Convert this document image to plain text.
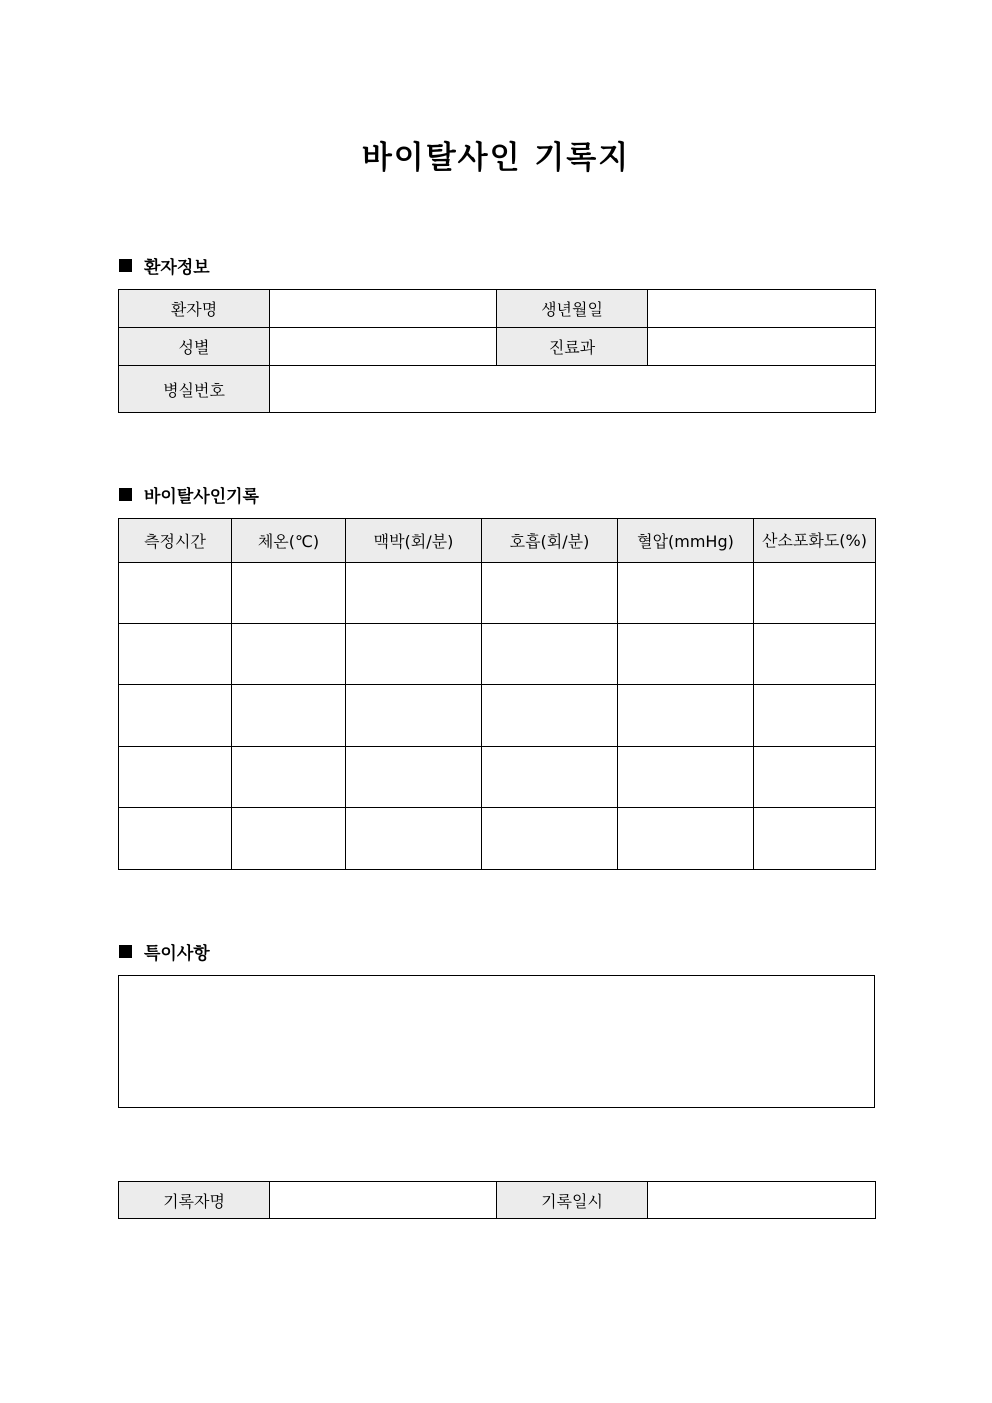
바이탈사인 기록지
환자정보
환자명		생년월일	
성별		진료과	
병실번호			
바이탈사인기록
측정시간	체온(℃)	맥박(회/분)	호흡(회/분)	혈압(mmHg)	산소포화도(%)

특이사항
기록자명		기록일시	
